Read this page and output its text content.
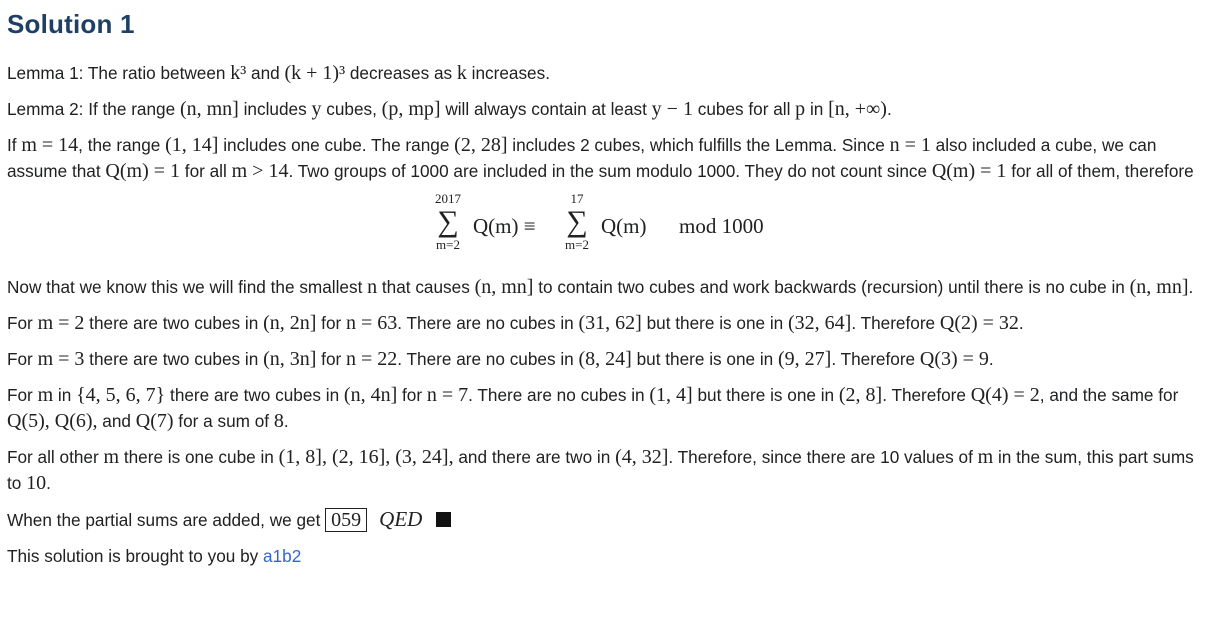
Solution 1

Lemma 1: The ratio between k³ and (k + 1)³ decreases as k increases.

Lemma 2: If the range (n, mn] includes y cubes, (p, mp] will always contain at least y − 1 cubes for all p in [n, +∞).

If m = 14, the range (1, 14] includes one cube. The range (2, 28] includes 2 cubes, which fulfills the Lemma. Since n = 1 also included a cube, we can assume that Q(m) = 1 for all m > 14. Two groups of 1000 are included in the sum modulo 1000. They do not count since Q(m) = 1 for all of them, therefore

2017
∑
m=2
Q(m) ≡
17
∑
m=2
Q(m) mod 1000

Now that we know this we will find the smallest n that causes (n, mn] to contain two cubes and work backwards (recursion) until there is no cube in (n, mn].

For m = 2 there are two cubes in (n, 2n] for n = 63. There are no cubes in (31, 62] but there is one in (32, 64]. Therefore Q(2) = 32.

For m = 3 there are two cubes in (n, 3n] for n = 22. There are no cubes in (8, 24] but there is one in (9, 27]. Therefore Q(3) = 9.

For m in {4, 5, 6, 7} there are two cubes in (n, 4n] for n = 7. There are no cubes in (1, 4] but there is one in (2, 8]. Therefore Q(4) = 2, and the same for Q(5), Q(6), and Q(7) for a sum of 8.

For all other m there is one cube in (1, 8], (2, 16], (3, 24], and there are two in (4, 32]. Therefore, since there are 10 values of m in the sum, this part sums to 10.

When the partial sums are added, we get 059 QED

This solution is brought to you by a1b2
